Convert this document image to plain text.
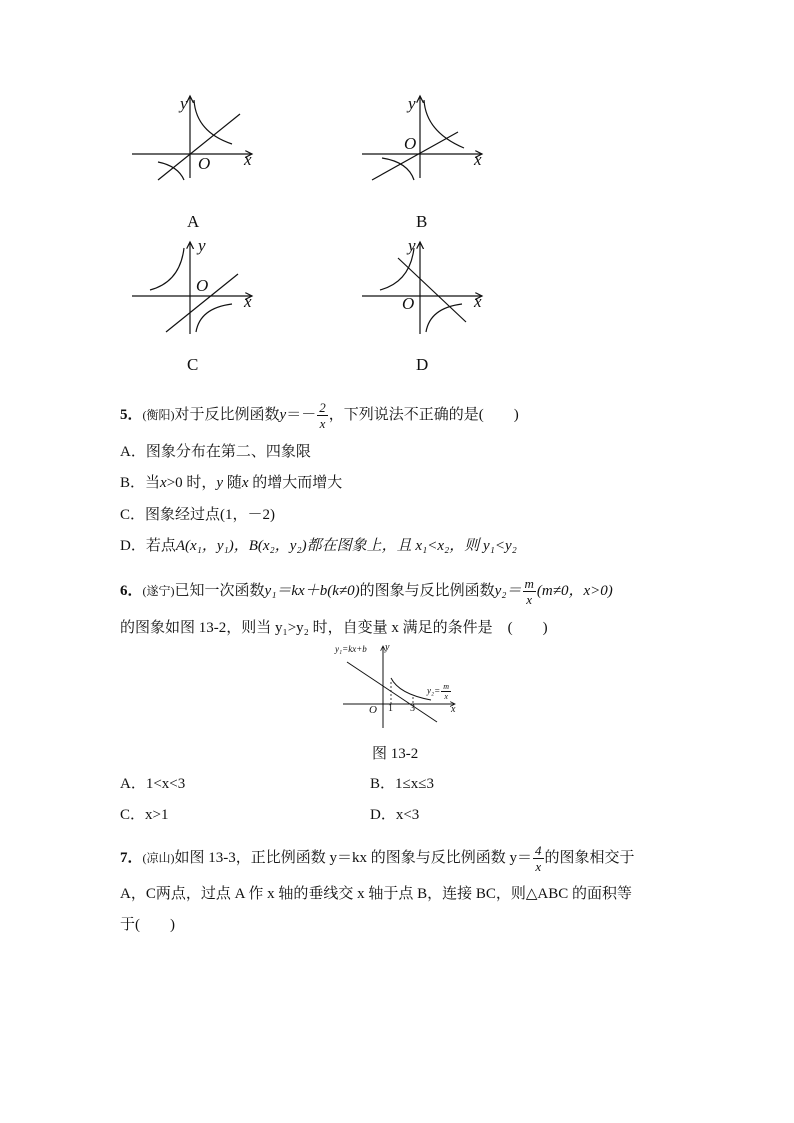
y
x
O
A
y
x
O
B
y
x
O
C
y
x
O
D
5．(衡阳)对于反比例函数$y=- \frac{2}{x}$ ，下列说法不正确的是(　　)
A．图象分布在第二、四象限
B．当x>0 时，y 随x 的增大而增大
C．图象经过点(1，－2)
D．若点A(x₁，y₁)，B(x₂，y₂)都在图象上，且 x₁<x₂，则 y₁<y₂
6．(遂宁)已知一次函数y₁＝kx＋b(k≠0)的图象与反比例函数$y_2= \frac{m}{x} (m\ne 0$，x>0)
的图象如图 13-2，则当 y₁>y₂ 时，自变量 x 满足的条件是　(　　)
y₁=kx+b y
$y_2= \frac{m}{x}$
O 1 3	x
图 13-2
A．1<x<3	B．1≤x≤3
C．x>1	D．x<3
7．(凉山)如图 13-3，正比例函数 y＝kx 的图象与反比例函数 $y= \frac{4}{x}$ 的图象相交于
A，C两点，过点 A 作 x 轴的垂线交 x 轴于点 B，连接 BC，则△ABC 的面积等
于(　　)
